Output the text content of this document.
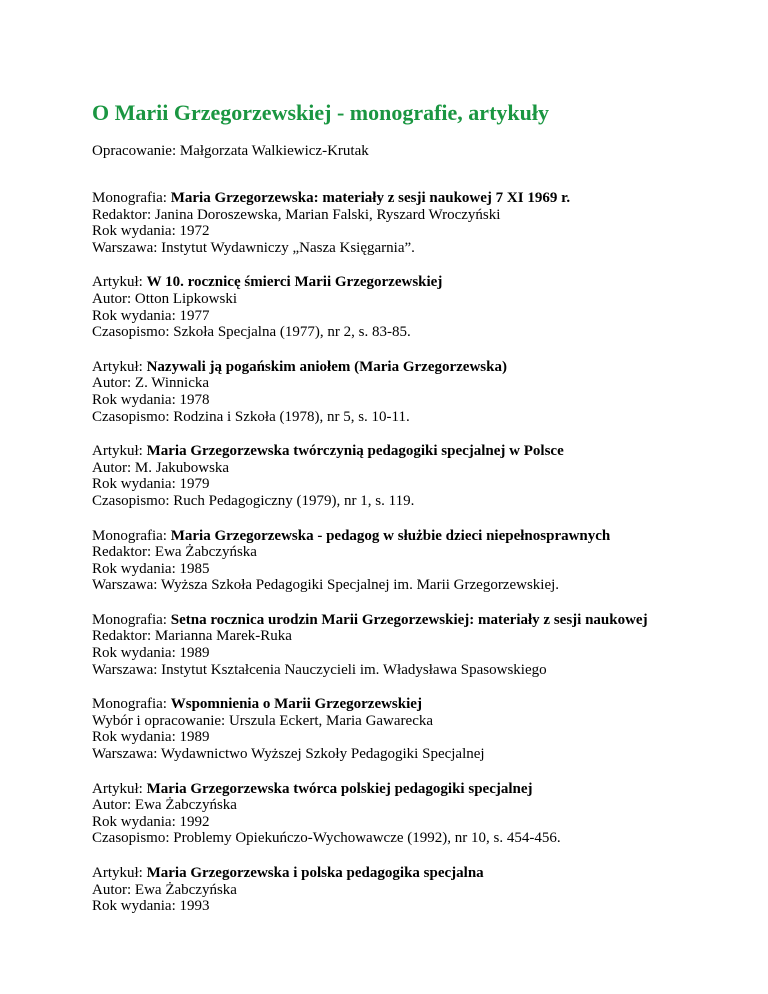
O Marii Grzegorzewskiej - monografie, artykuły
Opracowanie: Małgorzata Walkiewicz-Krutak
Monografia: Maria Grzegorzewska: materiały z sesji naukowej 7 XI 1969 r.
Redaktor: Janina Doroszewska, Marian Falski, Ryszard Wroczyński
Rok wydania: 1972
Warszawa: Instytut Wydawniczy „Nasza Księgarnia”.
Artykuł: W 10. rocznicę śmierci Marii Grzegorzewskiej
Autor: Otton Lipkowski
Rok wydania: 1977
Czasopismo: Szkoła Specjalna (1977), nr 2, s. 83-85.
Artykuł: Nazywali ją pogańskim aniołem (Maria Grzegorzewska)
Autor: Z. Winnicka
Rok wydania: 1978
Czasopismo: Rodzina i Szkoła (1978), nr 5, s. 10-11.
Artykuł: Maria Grzegorzewska twórczynią pedagogiki specjalnej w Polsce
Autor: M. Jakubowska
Rok wydania: 1979
Czasopismo: Ruch Pedagogiczny (1979), nr 1, s. 119.
Monografia: Maria Grzegorzewska - pedagog w służbie dzieci niepełnosprawnych
Redaktor: Ewa Żabczyńska
Rok wydania: 1985
Warszawa: Wyższa Szkoła Pedagogiki Specjalnej im. Marii Grzegorzewskiej.
Monografia: Setna rocznica urodzin Marii Grzegorzewskiej: materiały z sesji naukowej
Redaktor: Marianna Marek-Ruka
Rok wydania: 1989
Warszawa: Instytut Kształcenia Nauczycieli im. Władysława Spasowskiego
Monografia: Wspomnienia o Marii Grzegorzewskiej
Wybór i opracowanie: Urszula Eckert, Maria Gawarecka
Rok wydania: 1989
Warszawa: Wydawnictwo Wyższej Szkoły Pedagogiki Specjalnej
Artykuł: Maria Grzegorzewska twórca polskiej pedagogiki specjalnej
Autor: Ewa Żabczyńska
Rok wydania: 1992
Czasopismo: Problemy Opiekuńczo-Wychowawcze (1992), nr 10, s. 454-456.
Artykuł: Maria Grzegorzewska i polska pedagogika specjalna
Autor: Ewa Żabczyńska
Rok wydania: 1993
